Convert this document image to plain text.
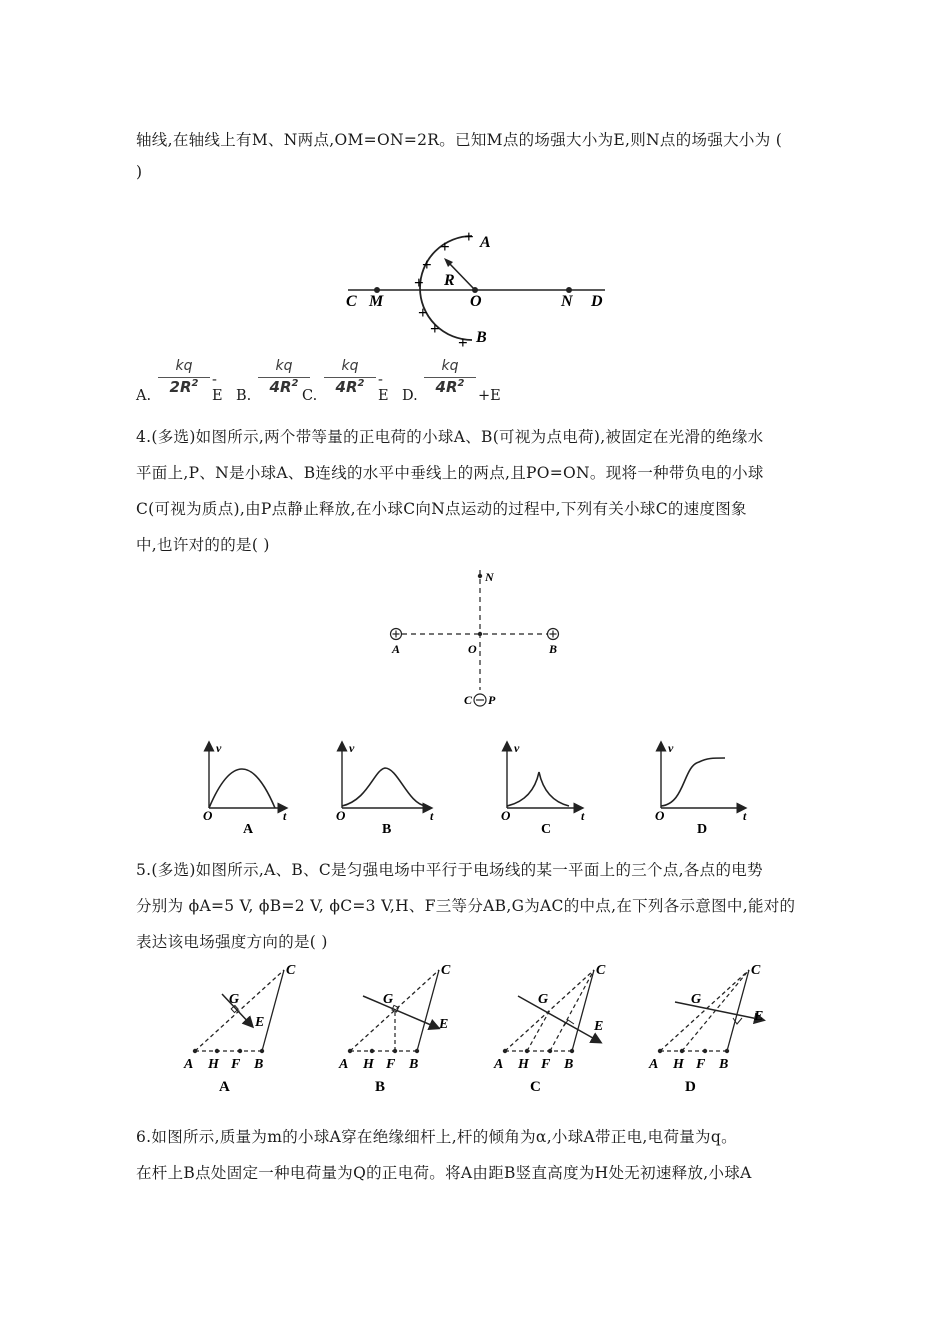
轴线,在轴线上有M、N两点,OM=ON=2R。已知M点的场强大小为E,则N点的场强大小为 (
)
C M	O	N D
A
B
R
+
+
+
+
+
+
+
A.
kq
$2R^2$ -E B.
kq
$4R^2$
C.
kq
$4R^2$ -E D.
kq
$4R^2$
+E
4.(多选)如图所示,两个带等量的正电荷的小球A、B(可视为点电荷),被固定在光滑的绝缘水
平面上,P、N是小球A、B连线的水平中垂线上的两点,且PO=ON。现将一种带负电的小球
C(可视为质点),由P点静止释放,在小球C向N点运动的过程中,下列有关小球C的速度图象
中,也许对的的是( )
N
A	O	B
C P
v
t
O
A
v
t
O
B
v
t
O
C
v
t
O
D
5.(多选)如图所示,A、B、C是匀强电场中平行于电场线的某一平面上的三个点,各点的电势
分别为 ϕA=5 V, ϕB=2 V, ϕC=3 V,H、F三等分AB,G为AC的中点,在下列各示意图中,能对的
表达该电场强度方向的是( )
A H F B
C
G
E
A
A H F B
C
G
E
B
A H F B
C
G
E
C
A H F B
C
G
E
D
6.如图所示,质量为m的小球A穿在绝缘细杆上,杆的倾角为α,小球A带正电,电荷量为q。
在杆上B点处固定一种电荷量为Q的正电荷。将A由距B竖直高度为H处无初速释放,小球A
